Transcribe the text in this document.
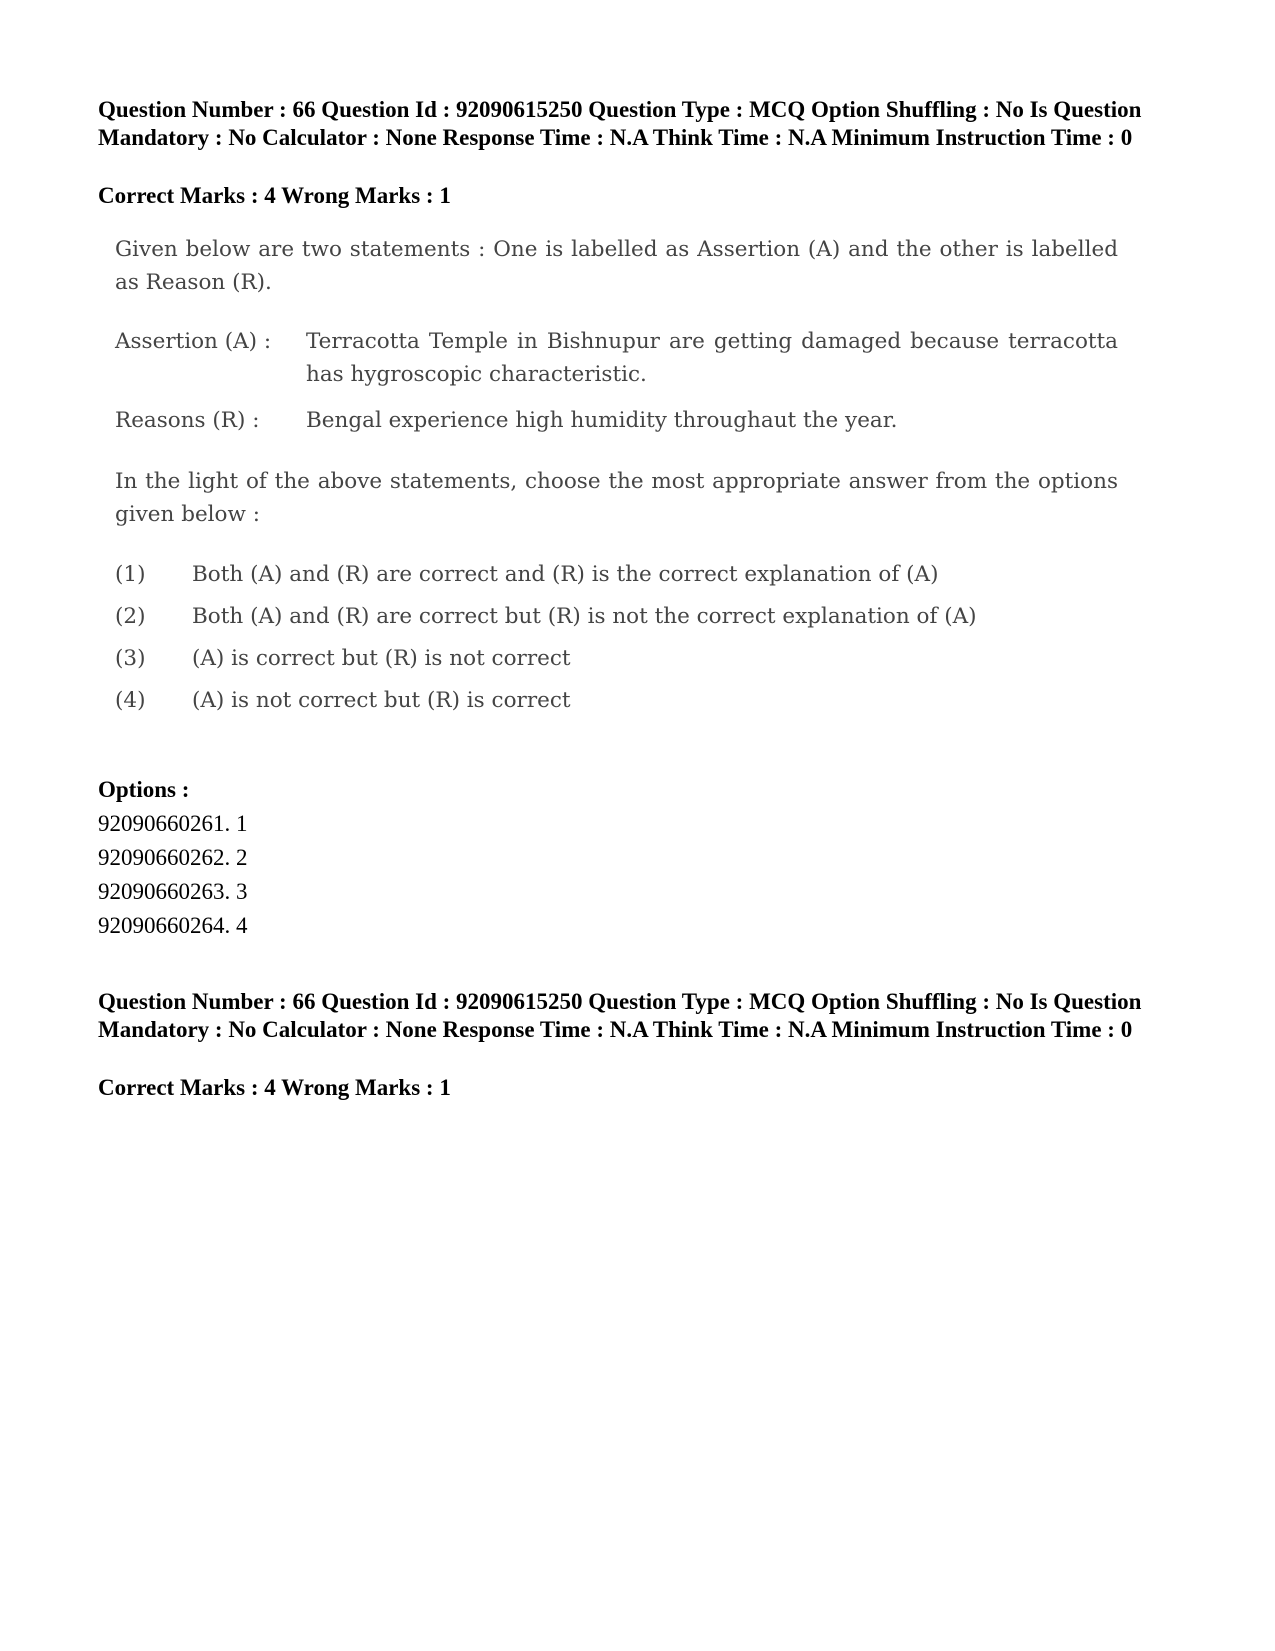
Question Number : 66 Question Id : 92090615250 Question Type : MCQ Option Shuffling : No Is Question Mandatory : No Calculator : None Response Time : N.A Think Time : N.A Minimum Instruction Time : 0

Correct Marks : 4 Wrong Marks : 1

Given below are two statements : One is labelled as Assertion (A) and the other is labelled as Reason (R).

Assertion (A) : Terracotta Temple in Bishnupur are getting damaged because terracotta has hygroscopic characteristic.

Reasons (R) : Bengal experience high humidity throughaut the year.

In the light of the above statements, choose the most appropriate answer from the options given below :

(1) Both (A) and (R) are correct and (R) is the correct explanation of (A)

(2) Both (A) and (R) are correct but (R) is not the correct explanation of (A)

(3) (A) is correct but (R) is not correct

(4) (A) is not correct but (R) is correct

Options :

92090660261. 1

92090660262. 2

92090660263. 3

92090660264. 4

Question Number : 66 Question Id : 92090615250 Question Type : MCQ Option Shuffling : No Is Question Mandatory : No Calculator : None Response Time : N.A Think Time : N.A Minimum Instruction Time : 0

Correct Marks : 4 Wrong Marks : 1
